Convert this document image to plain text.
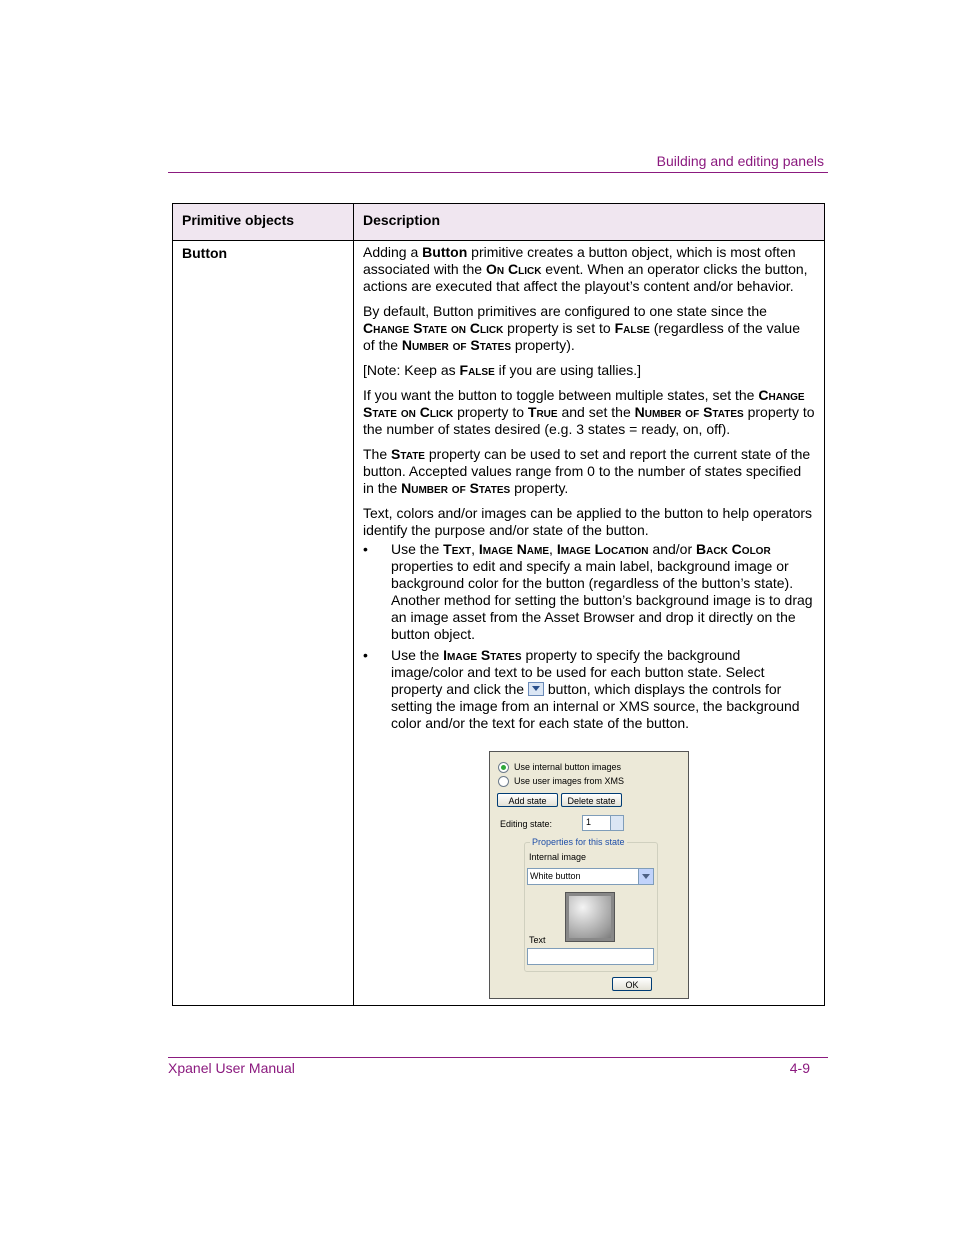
Building and editing panels
Primitive objects	Description
Button	Adding a Button primitive creates a button object, which is most often associated with the On Click event. When an operator clicks the button, actions are executed that affect the playout’s content and/or behavior.

By default, Button primitives are configured to one state since the Change State on Click property is set to False (regardless of the value of the Number of States property).

[Note: Keep as False if you are using tallies.]

If you want the button to toggle between multiple states, set the Change State on Click property to True and set the Number of States property to the number of states desired (e.g. 3 states = ready, on, off).

The State property can be used to set and report the current state of the button. Accepted values range from 0 to the number of states specified in the Number of States property.

Text, colors and/or images can be applied to the button to help operators identify the purpose and/or state of the button.

• Use the Text, Image Name, Image Location and/or Back Color properties to edit and specify a main label, background image or background color for the button (regardless of the button’s state). Another method for setting the button’s background image is to drag an image asset from the Asset Browser and drop it directly on the button object.
• Use the Image States property to specify the background image/color and text to be used for each button state. Select property and click the  button, which displays the controls for setting the image from an internal or XMS source, the background color and/or the text for each state of the button.
Use internal button images
Use user images from XMS
Add state	Delete state
Editing state:	1
Properties for this state
Internal image
White button
Text
OK
Xpanel User Manual	4-9
